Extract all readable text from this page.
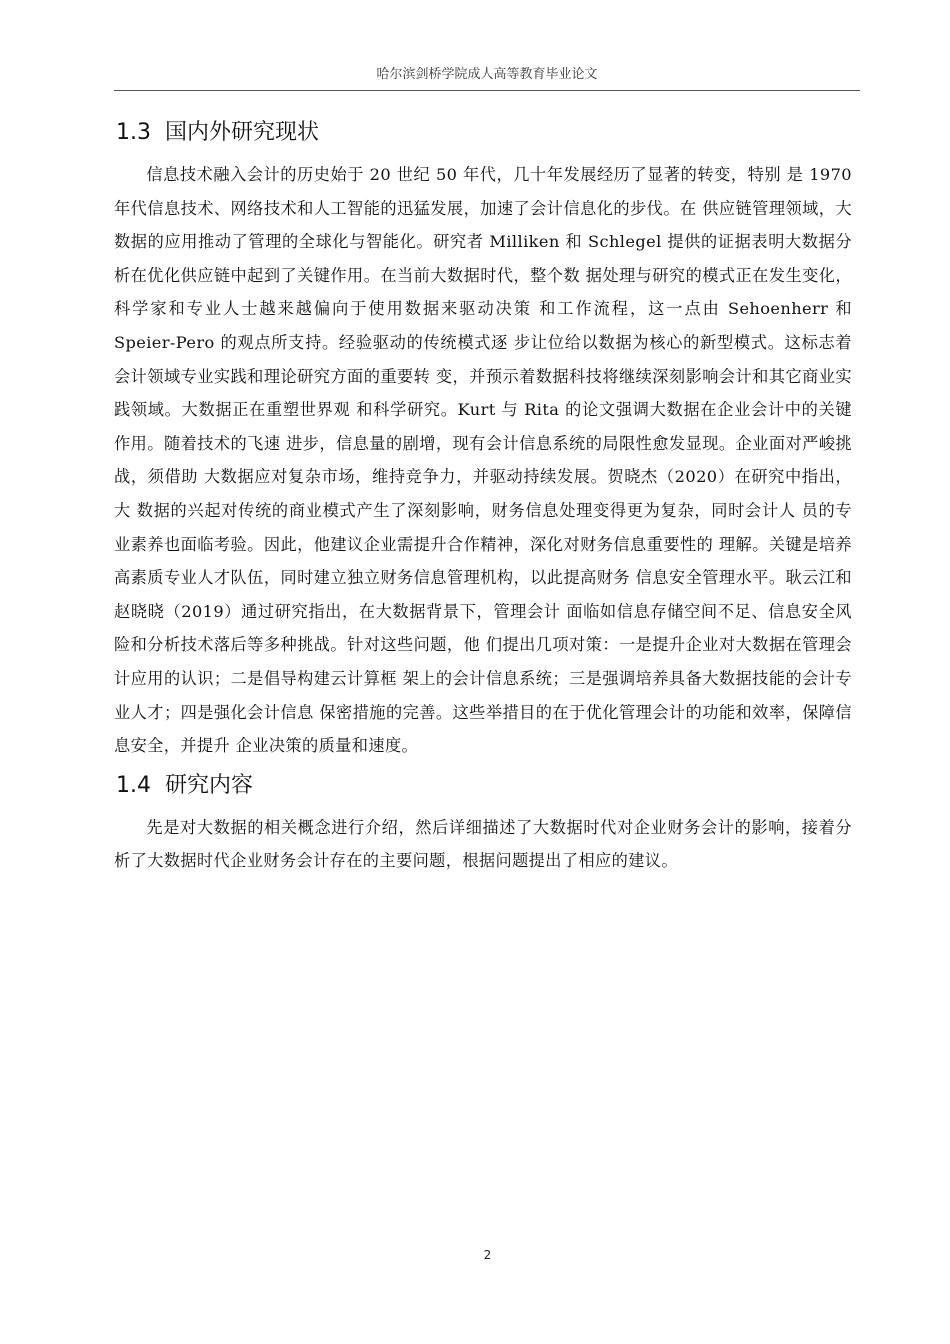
哈尔滨剑桥学院成人高等教育毕业论文
1.3 国内外研究现状

信息技术融入会计的历史始于 20 世纪 50 年代，几十年发展经历了显著的转变，特别 是 1970 年代信息技术、网络技术和人工智能的迅猛发展，加速了会计信息化的步伐。在 供应链管理领域，大数据的应用推动了管理的全球化与智能化。研究者 Milliken 和 Schlegel 提供的证据表明大数据分析在优化供应链中起到了关键作用。在当前大数据时代，整个数 据处理与研究的模式正在发生变化，科学家和专业人士越来越偏向于使用数据来驱动决策 和工作流程，这一点由 Sehoenherr 和 Speier-Pero 的观点所支持。经验驱动的传统模式逐 步让位给以数据为核心的新型模式。这标志着会计领域专业实践和理论研究方面的重要转 变，并预示着数据科技将继续深刻影响会计和其它商业实践领域。大数据正在重塑世界观 和科学研究。Kurt 与 Rita 的论文强调大数据在企业会计中的关键作用。随着技术的飞速 进步，信息量的剧增，现有会计信息系统的局限性愈发显现。企业面对严峻挑战，须借助 大数据应对复杂市场，维持竞争力，并驱动持续发展。贺晓杰（2020）在研究中指出，大 数据的兴起对传统的商业模式产生了深刻影响，财务信息处理变得更为复杂，同时会计人 员的专业素养也面临考验。因此，他建议企业需提升合作精神，深化对财务信息重要性的 理解。关键是培养高素质专业人才队伍，同时建立独立财务信息管理机构，以此提高财务 信息安全管理水平。耿云江和赵晓晓（2019）通过研究指出，在大数据背景下，管理会计 面临如信息存储空间不足、信息安全风险和分析技术落后等多种挑战。针对这些问题，他 们提出几项对策：一是提升企业对大数据在管理会计应用的认识；二是倡导构建云计算框 架上的会计信息系统；三是强调培养具备大数据技能的会计专业人才；四是强化会计信息 保密措施的完善。这些举措目的在于优化管理会计的功能和效率，保障信息安全，并提升 企业决策的质量和速度。

1.4 研究内容

先是对大数据的相关概念进行介绍，然后详细描述了大数据时代对企业财务会计的影响，接着分析了大数据时代企业财务会计存在的主要问题，根据问题提出了相应的建议。

2
